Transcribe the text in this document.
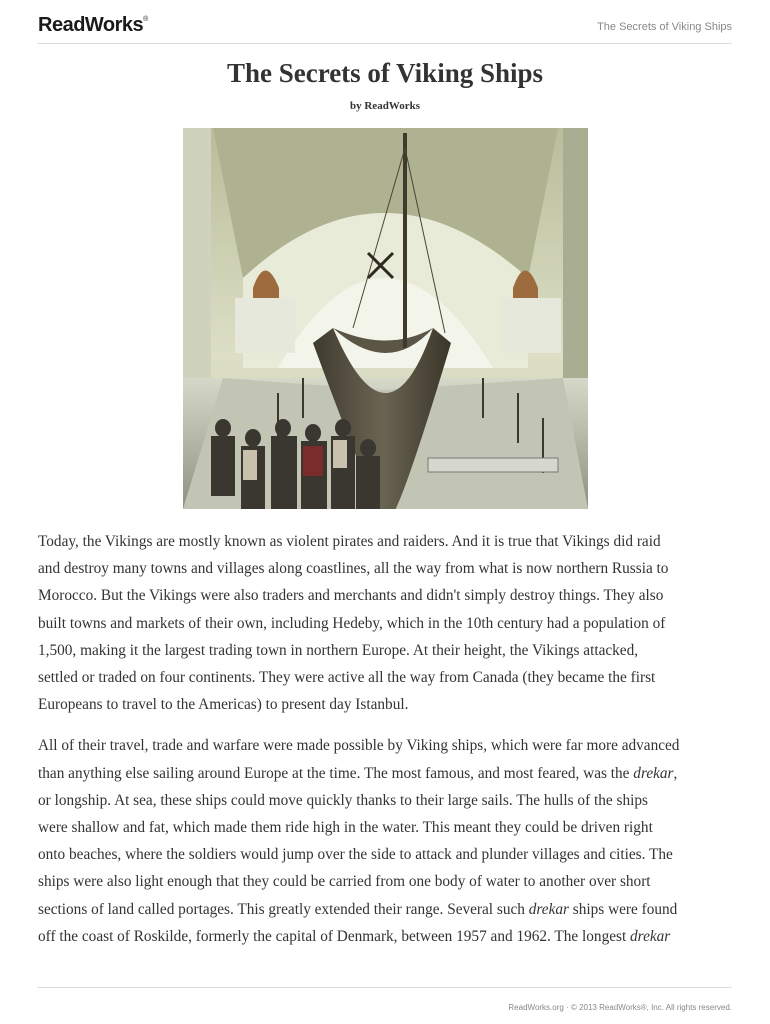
ReadWorks®
The Secrets of Viking Ships
The Secrets of Viking Ships
by ReadWorks

Today, the Vikings are mostly known as violent pirates and raiders. And it is true that Vikings did raid
and destroy many towns and villages along coastlines, all the way from what is now northern Russia to
Morocco. But the Vikings were also traders and merchants and didn't simply destroy things. They also
built towns and markets of their own, including Hedeby, which in the 10th century had a population of
1,500, making it the largest trading town in northern Europe. At their height, the Vikings attacked,
settled or traded on four continents. They were active all the way from Canada (they became the first
Europeans to travel to the Americas) to present day Istanbul.

All of their travel, trade and warfare were made possible by Viking ships, which were far more advanced
than anything else sailing around Europe at the time. The most famous, and most feared, was the drekar,
or longship. At sea, these ships could move quickly thanks to their large sails. The hulls of the ships
were shallow and fat, which made them ride high in the water. This meant they could be driven right
onto beaches, where the soldiers would jump over the side to attack and plunder villages and cities. The
ships were also light enough that they could be carried from one body of water to another over short
sections of land called portages. This greatly extended their range. Several such drekar ships were found
off the coast of Roskilde, formerly the capital of Denmark, between 1957 and 1962. The longest drekar

ReadWorks.org · © 2013 ReadWorks®, Inc. All rights reserved.
